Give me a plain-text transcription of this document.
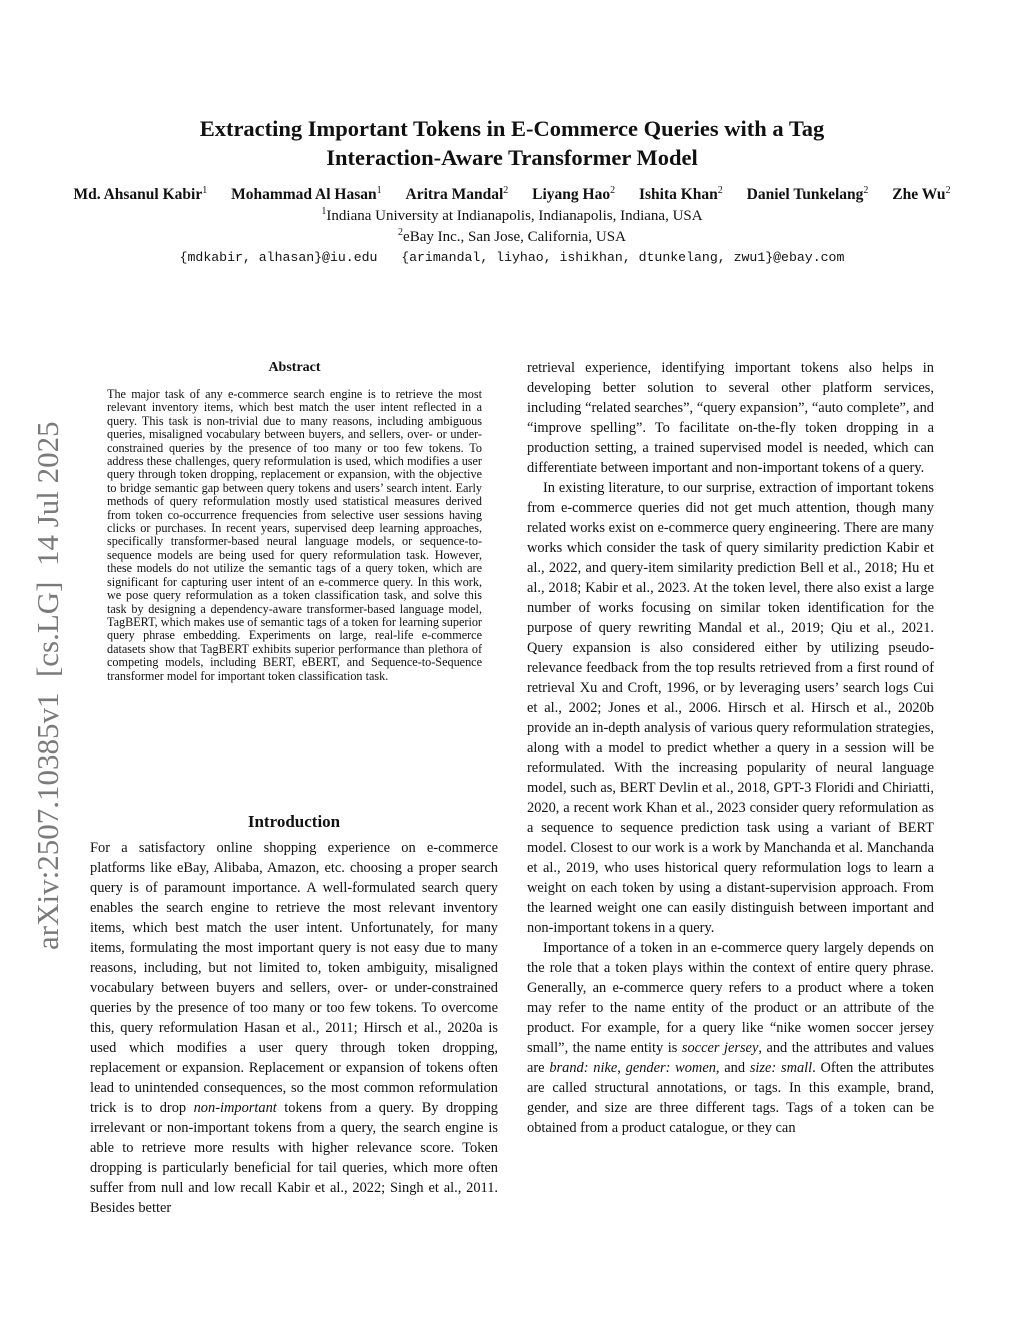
Extracting Important Tokens in E-Commerce Queries with a Tag
Interaction-Aware Transformer Model
Md. Ahsanul Kabir$^1$ Mohammad Al Hasan$^1$ Aritra Mandal$^2$ Liyang Hao$^2$ Ishita Khan$^2$ Daniel Tunkelang$^2$ Zhe Wu$^2$
$^1$Indiana University at Indianapolis, Indianapolis, Indiana, USA
$^2$eBay Inc., San Jose, California, USA
{mdkabir, alhasan}@iu.edu   {arimandal, liyhao, ishikhan, dtunkelang, zwu1}@ebay.com
arXiv:2507.10385v1  [cs.LG]  14 Jul 2025
Abstract
The major task of any e-commerce search engine is to retrieve the most relevant inventory items, which best match the user intent reflected in a query. This task is non-trivial due to many reasons, including ambiguous queries, misaligned vocabulary between buyers, and sellers, over- or under-constrained queries by the presence of too many or too few tokens. To address these challenges, query reformulation is used, which modifies a user query through token dropping, replacement or expansion, with the objective to bridge semantic gap between query tokens and users’ search intent. Early methods of query reformulation mostly used statistical measures derived from token co-occurrence frequencies from selective user sessions having clicks or purchases. In recent years, supervised deep learning approaches, specifically transformer-based neural language models, or sequence-to-sequence models are being used for query reformulation task. However, these models do not utilize the semantic tags of a query token, which are significant for capturing user intent of an e-commerce query. In this work, we pose query reformulation as a token classification task, and solve this task by designing a dependency-aware transformer-based language model, TagBERT, which makes use of semantic tags of a token for learning superior query phrase embedding. Experiments on large, real-life e-commerce datasets show that TagBERT exhibits superior performance than plethora of competing models, including BERT, eBERT, and Sequence-to-Sequence transformer model for important token classification task.
Introduction

For a satisfactory online shopping experience on e-commerce platforms like eBay, Alibaba, Amazon, etc. choosing a proper search query is of paramount importance. A well-formulated search query enables the search engine to retrieve the most relevant inventory items, which best match the user intent. Unfortunately, for many items, formulating the most important query is not easy due to many reasons, including, but not limited to, token ambiguity, misaligned vocabulary between buyers and sellers, over- or under-constrained queries by the presence of too many or too few tokens. To overcome this, query reformulation Hasan et al., 2011; Hirsch et al., 2020a is used which modifies a user query through token dropping, replacement or expansion. Replacement or expansion of tokens often lead to unintended consequences, so the most common reformulation trick is to drop non-important tokens from a query. By dropping irrelevant or non-important tokens from a query, the search engine is able to retrieve more results with higher relevance score. Token dropping is particularly beneficial for tail queries, which more often suffer from null and low recall Kabir et al., 2022; Singh et al., 2011. Besides better

retrieval experience, identifying important tokens also helps in developing better solution to several other platform services, including “related searches”, “query expansion”, “auto complete”, and “improve spelling”. To facilitate on-the-fly token dropping in a production setting, a trained supervised model is needed, which can differentiate between important and non-important tokens of a query.

In existing literature, to our surprise, extraction of important tokens from e-commerce queries did not get much attention, though many related works exist on e-commerce query engineering. There are many works which consider the task of query similarity prediction Kabir et al., 2022, and query-item similarity prediction Bell et al., 2018; Hu et al., 2018; Kabir et al., 2023. At the token level, there also exist a large number of works focusing on similar token identification for the purpose of query rewriting Mandal et al., 2019; Qiu et al., 2021. Query expansion is also considered either by utilizing pseudo-relevance feedback from the top results retrieved from a first round of retrieval Xu and Croft, 1996, or by leveraging users’ search logs Cui et al., 2002; Jones et al., 2006. Hirsch et al. Hirsch et al., 2020b provide an in-depth analysis of various query reformulation strategies, along with a model to predict whether a query in a session will be reformulated. With the increasing popularity of neural language model, such as, BERT Devlin et al., 2018, GPT-3 Floridi and Chiriatti, 2020, a recent work Khan et al., 2023 consider query reformulation as a sequence to sequence prediction task using a variant of BERT model. Closest to our work is a work by Manchanda et al. Manchanda et al., 2019, who uses historical query reformulation logs to learn a weight on each token by using a distant-supervision approach. From the learned weight one can easily distinguish between important and non-important tokens in a query.

Importance of a token in an e-commerce query largely depends on the role that a token plays within the context of entire query phrase. Generally, an e-commerce query refers to a product where a token may refer to the name entity of the product or an attribute of the product. For example, for a query like “nike women soccer jersey small”, the name entity is soccer jersey, and the attributes and values are brand: nike, gender: women, and size: small. Often the attributes are called structural annotations, or tags. In this example, brand, gender, and size are three different tags. Tags of a token can be obtained from a product catalogue, or they can
